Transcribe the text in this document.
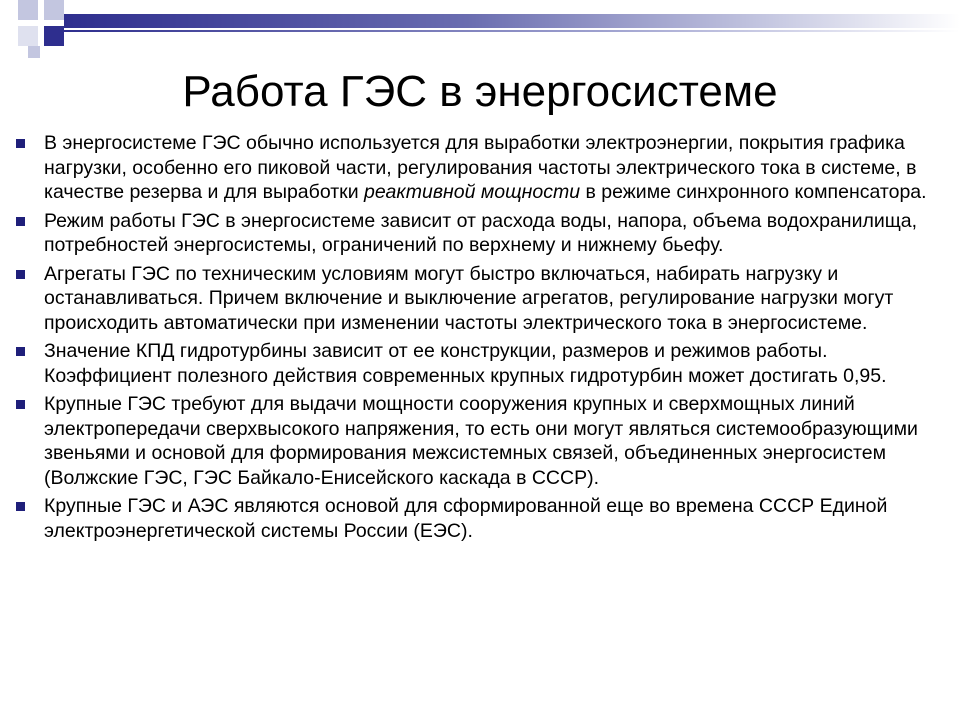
Работа ГЭС в энергосистеме
В энергосистеме ГЭС обычно используется для выработки электроэнергии, покрытия графика нагрузки, особенно его пиковой части, регулирования частоты электрического тока в системе, в качестве резерва и для выработки реактивной мощности в режиме синхронного компенсатора.
Режим работы ГЭС в энергосистеме зависит от расхода воды, напора, объема водохранилища, потребностей энергосистемы, ограничений по верхнему и нижнему бьефу.
Агрегаты ГЭС по техническим условиям могут быстро включаться, набирать нагрузку и останавливаться. Причем включение и выключение агрегатов, регулирование нагрузки могут происходить автоматически при изменении частоты электрического тока в энергосистеме.
Значение КПД гидротурбины зависит от ее конструкции, размеров и режимов работы. Коэффициент полезного действия современных крупных гидротурбин может достигать 0,95.
Крупные ГЭС требуют для выдачи мощности сооружения крупных и сверхмощных линий электропередачи сверхвысокого напряжения, то есть они могут являться системообразующими звеньями и основой для формирования межсистемных связей, объединенных энергосистем (Волжские ГЭС, ГЭС Байкало-Енисейского каскада в СССР).
Крупные ГЭС и АЭС являются основой для сформированной еще во времена СССР Единой электроэнергетической системы России (ЕЭС).
